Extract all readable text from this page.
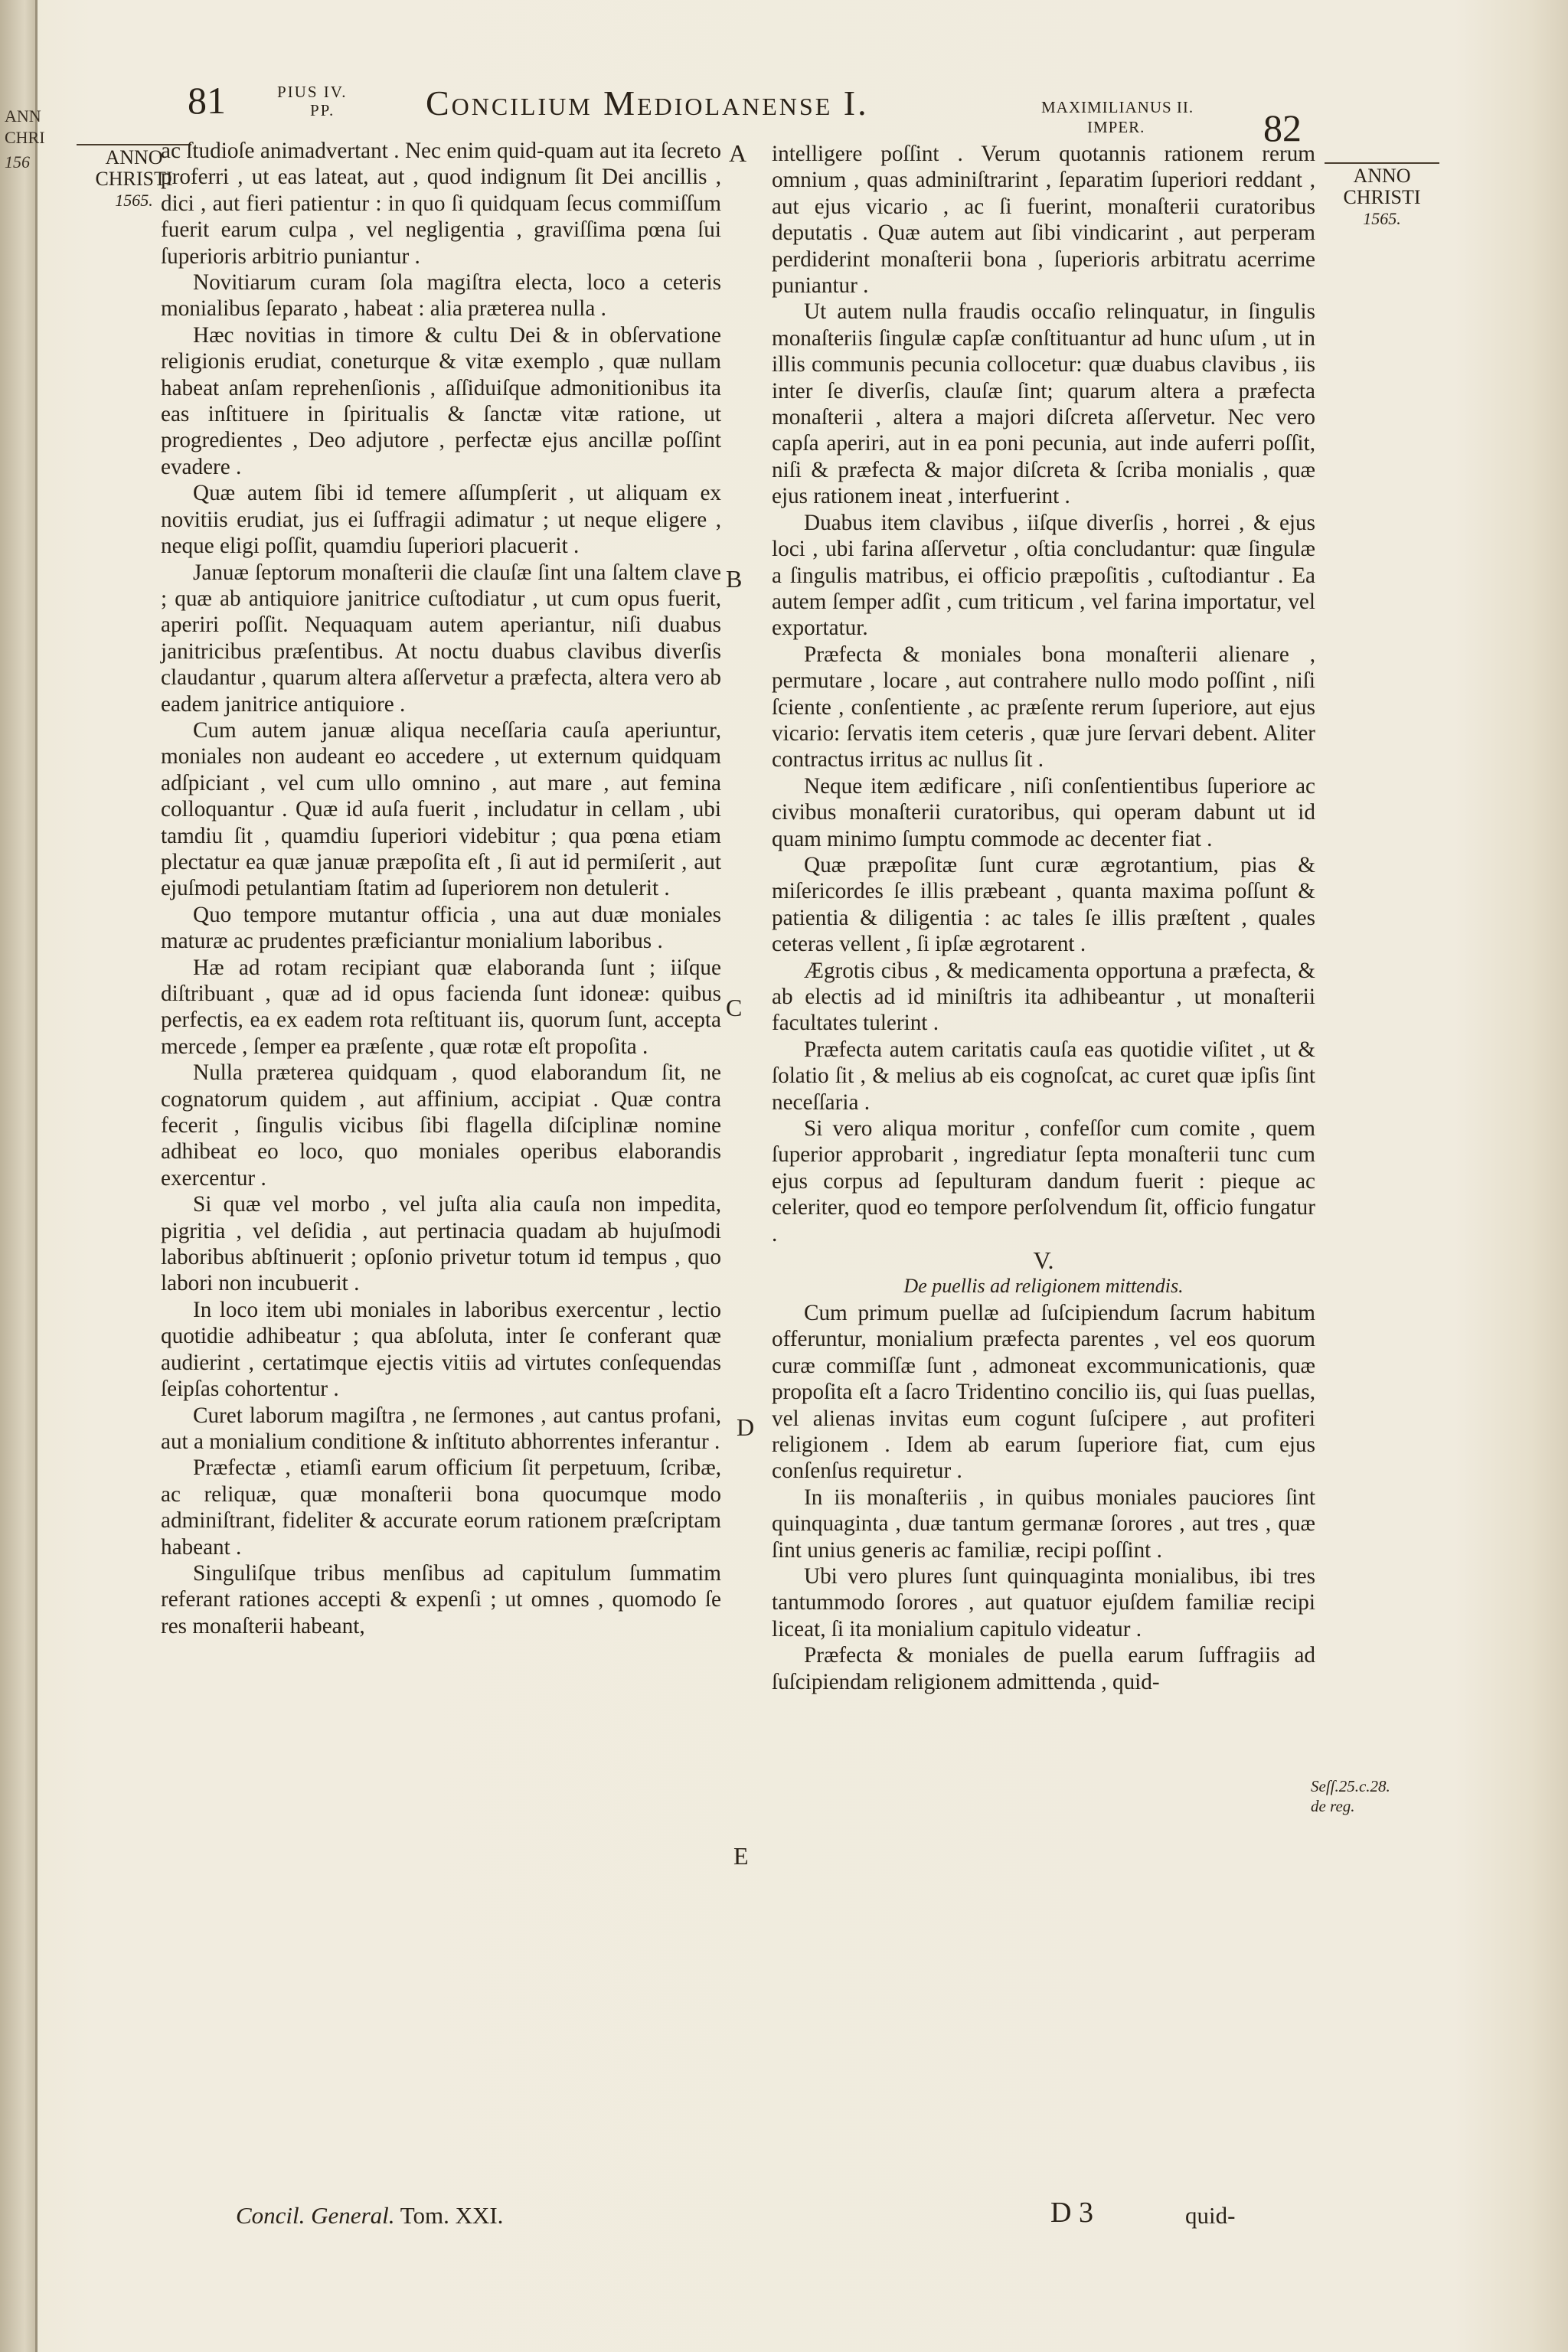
ANN
CHRI
156
81	PIUS IV.
PP.	Concilium Mediolanense I.	MAXIMILIANUS II.
IMPER.	82
ANNO
CHRISTI
1565.
ANNO
CHRISTI
1565.
Seſſ.25.c.28.
de reg.
A
B
C
D
E

ac ſtudioſe animadvertant . Nec enim quid-quam aut ita ſecreto proferri , ut eas lateat, aut , quod indignum ſit Dei ancillis , dici , aut fieri patientur : in quo ſi quidquam ſecus commiſſum fuerit earum culpa , vel negligentia , graviſſima pœna ſui ſuperioris arbitrio puniantur .

Novitiarum curam ſola magiſtra electa, loco a ceteris monialibus ſeparato , habeat : alia præterea nulla .

Hæc novitias in timore & cultu Dei & in obſervatione religionis erudiat, coneturque & vitæ exemplo , quæ nullam habeat anſam reprehenſionis , aſſiduiſque admonitionibus ita eas inſtituere in ſpiritualis & ſanctæ vitæ ratione, ut progredientes , Deo adjutore , perfectæ ejus ancillæ poſſint evadere .

Quæ autem ſibi id temere aſſumpſerit , ut aliquam ex novitiis erudiat, jus ei ſuffragii adimatur ; ut neque eligere , neque eligi poſſit, quamdiu ſuperiori placuerit .

Januæ ſeptorum monaſterii die clauſæ ſint una ſaltem clave ; quæ ab antiquiore janitrice cuſtodiatur , ut cum opus fuerit, aperiri poſſit. Nequaquam autem aperiantur, niſi duabus janitricibus præſentibus. At noctu duabus clavibus diverſis claudantur , quarum altera aſſervetur a præfecta, altera vero ab eadem janitrice antiquiore .

Cum autem januæ aliqua neceſſaria cauſa aperiuntur, moniales non audeant eo accedere , ut externum quidquam adſpiciant , vel cum ullo omnino , aut mare , aut femina colloquantur . Quæ id auſa fuerit , includatur in cellam , ubi tamdiu ſit , quamdiu ſuperiori videbitur ; qua pœna etiam plectatur ea quæ januæ præpoſita eſt , ſi aut id permiſerit , aut ejuſmodi petulantiam ſtatim ad ſuperiorem non detulerit .

Quo tempore mutantur officia , una aut duæ moniales maturæ ac prudentes præficiantur monialium laboribus .

Hæ ad rotam recipiant quæ elaboranda ſunt ; iiſque diſtribuant , quæ ad id opus facienda ſunt idoneæ: quibus perfectis, ea ex eadem rota reſtituant iis, quorum ſunt, accepta mercede , ſemper ea præſente , quæ rotæ eſt propoſita .

Nulla præterea quidquam , quod elaborandum ſit, ne cognatorum quidem , aut affinium, accipiat . Quæ contra fecerit , ſingulis vicibus ſibi flagella diſciplinæ nomine adhibeat eo loco, quo moniales operibus elaborandis exercentur .

Si quæ vel morbo , vel juſta alia cauſa non impedita, pigritia , vel deſidia , aut pertinacia quadam ab hujuſmodi laboribus abſtinuerit ; opſonio privetur totum id tempus , quo labori non incubuerit .

In loco item ubi moniales in laboribus exercentur , lectio quotidie adhibeatur ; qua abſoluta, inter ſe conferant quæ audierint , certatimque ejectis vitiis ad virtutes conſequendas ſeipſas cohortentur .

Curet laborum magiſtra , ne ſermones , aut cantus profani, aut a monialium conditione & inſtituto abhorrentes inferantur .

Præfectæ , etiamſi earum officium ſit perpetuum, ſcribæ, ac reliquæ, quæ monaſterii bona quocumque modo adminiſtrant, fideliter & accurate eorum rationem præſcriptam habeant .

Singuliſque tribus menſibus ad capitulum ſummatim referant rationes accepti & expenſi ; ut omnes , quomodo ſe res monaſterii habeant,

intelligere poſſint . Verum quotannis rationem rerum omnium , quas adminiſtrarint , ſeparatim ſuperiori reddant , aut ejus vicario , ac ſi fuerint, monaſterii curatoribus deputatis . Quæ autem aut ſibi vindicarint , aut perperam perdiderint monaſterii bona , ſuperioris arbitratu acerrime puniantur .

Ut autem nulla fraudis occaſio relinquatur, in ſingulis monaſteriis ſingulæ capſæ conſtituantur ad hunc uſum , ut in illis communis pecunia collocetur: quæ duabus clavibus , iis inter ſe diverſis, clauſæ ſint; quarum altera a præfecta monaſterii , altera a majori diſcreta aſſervetur. Nec vero capſa aperiri, aut in ea poni pecunia, aut inde auferri poſſit, niſi & præfecta & major diſcreta & ſcriba monialis , quæ ejus rationem ineat , interfuerint .

Duabus item clavibus , iiſque diverſis , horrei , & ejus loci , ubi farina aſſervetur , oſtia concludantur: quæ ſingulæ a ſingulis matribus, ei officio præpoſitis , cuſtodiantur . Ea autem ſemper adſit , cum triticum , vel farina importatur, vel exportatur.

Præfecta & moniales bona monaſterii alienare , permutare , locare , aut contrahere nullo modo poſſint , niſi ſciente , conſentiente , ac præſente rerum ſuperiore, aut ejus vicario: ſervatis item ceteris , quæ jure ſervari debent. Aliter contractus irritus ac nullus ſit .

Neque item ædificare , niſi conſentientibus ſuperiore ac civibus monaſterii curatoribus, qui operam dabunt ut id quam minimo ſumptu commode ac decenter fiat .

Quæ præpoſitæ ſunt curæ ægrotantium, pias & miſericordes ſe illis præbeant , quanta maxima poſſunt & patientia & diligentia : ac tales ſe illis præſtent , quales ceteras vellent , ſi ipſæ ægrotarent .

Ægrotis cibus , & medicamenta opportuna a præfecta, & ab electis ad id miniſtris ita adhibeantur , ut monaſterii facultates tulerint .

Præfecta autem caritatis cauſa eas quotidie viſitet , ut & ſolatio ſit , & melius ab eis cognoſcat, ac curet quæ ipſis ſint neceſſaria .

Si vero aliqua moritur , confeſſor cum comite , quem ſuperior approbarit , ingrediatur ſepta monaſterii tunc cum ejus corpus ad ſepulturam dandum fuerit : pieque ac celeriter, quod eo tempore perſolvendum ſit, officio fungatur .

V.

De puellis ad religionem mittendis.

Cum primum puellæ ad ſuſcipiendum ſacrum habitum offeruntur, monialium præfecta parentes , vel eos quorum curæ commiſſæ ſunt , admoneat excommunicationis, quæ propoſita eſt a ſacro Tridentino concilio iis, qui ſuas puellas, vel alienas invitas eum cogunt ſuſcipere , aut profiteri religionem . Idem ab earum ſuperiore fiat, cum ejus conſenſus requiretur .

In iis monaſteriis , in quibus moniales pauciores ſint quinquaginta , duæ tantum germanæ ſorores , aut tres , quæ ſint unius generis ac familiæ, recipi poſſint .

Ubi vero plures ſunt quinquaginta monialibus, ibi tres tantummodo ſorores , aut quatuor ejuſdem familiæ recipi liceat, ſi ita monialium capitulo videatur .

Præfecta & moniales de puella earum ſuffragiis ad ſuſcipiendam religionem admittenda , quid-

Concil. General. Tom. XXI.	D 3	quid-
